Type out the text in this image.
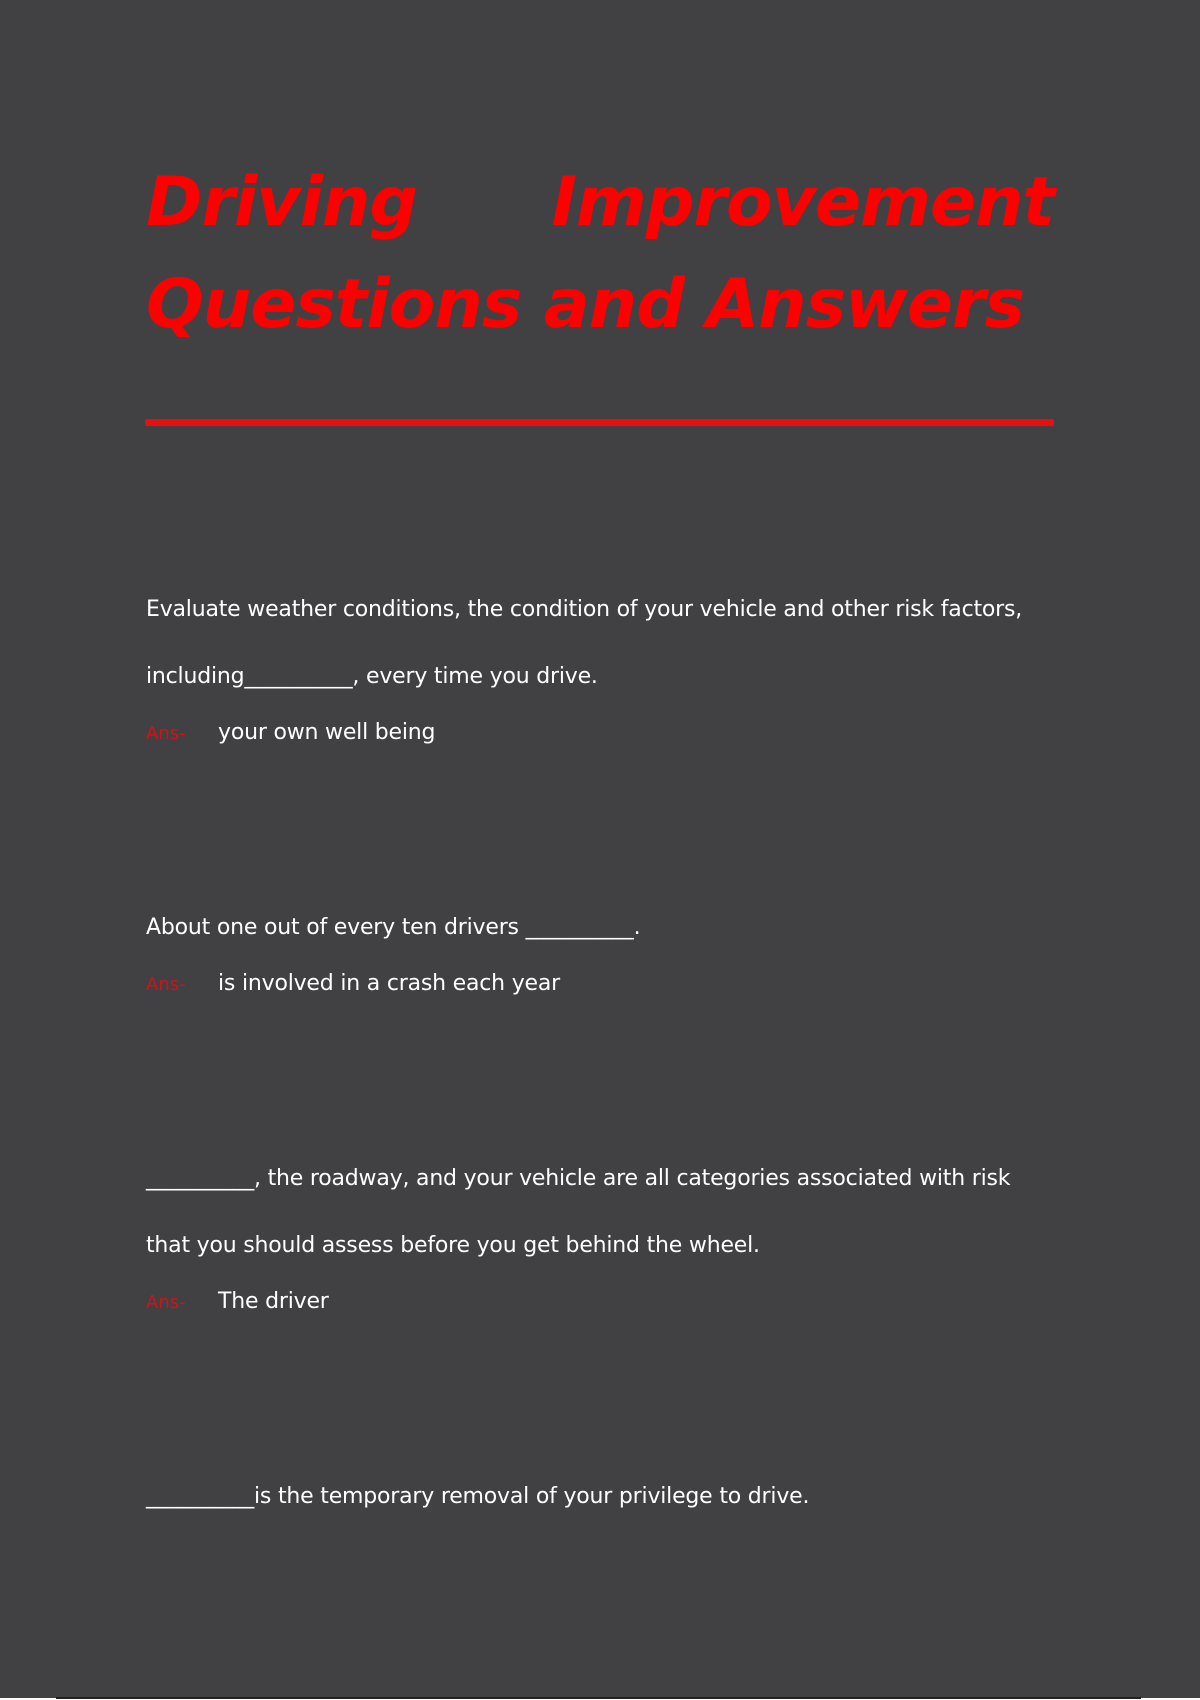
Driving Improvement Questions and Answers

Evaluate weather conditions, the condition of your vehicle and other risk factors, including__________, every time you drive.

Ans- your own well being

About one out of every ten drivers __________.

Ans- is involved in a crash each year

__________, the roadway, and your vehicle are all categories associated with risk that you should assess before you get behind the wheel.

Ans- The driver

__________is the temporary removal of your privilege to drive.
